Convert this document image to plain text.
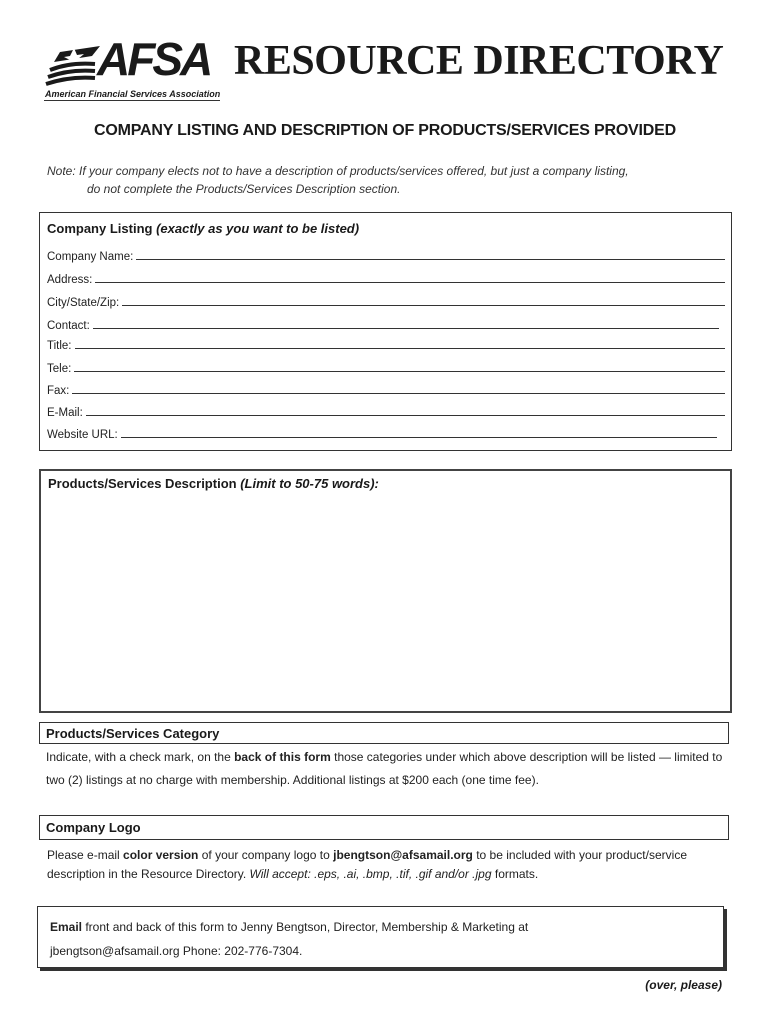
AFSA
American Financial Services Association
RESOURCE DIRECTORY
COMPANY LISTING AND DESCRIPTION OF PRODUCTS/SERVICES PROVIDED
Note: If your company elects not to have a description of products/services offered, but just a company listing,
do not complete the Products/Services Description section.
Company Listing (exactly as you want to be listed)
Company Name:
Address:
City/State/Zip:
Contact:
Title:
Tele:
Fax:
E-Mail:
Website URL:
Products/Services Description (Limit to 50-75 words):
Products/Services Category
Indicate, with a check mark, on the back of this form those categories under which above description will be listed — limited to two (2) listings at no charge with membership. Additional listings at $200 each (one time fee).
Company Logo
Please e-mail color version of your company logo to jbengtson@afsamail.org to be included with your product/service description in the Resource Directory. Will accept: .eps, .ai, .bmp, .tif, .gif and/or .jpg formats.
Email front and back of this form to Jenny Bengtson, Director, Membership & Marketing at
jbengtson@afsamail.org Phone: 202-776-7304.
(over, please)
